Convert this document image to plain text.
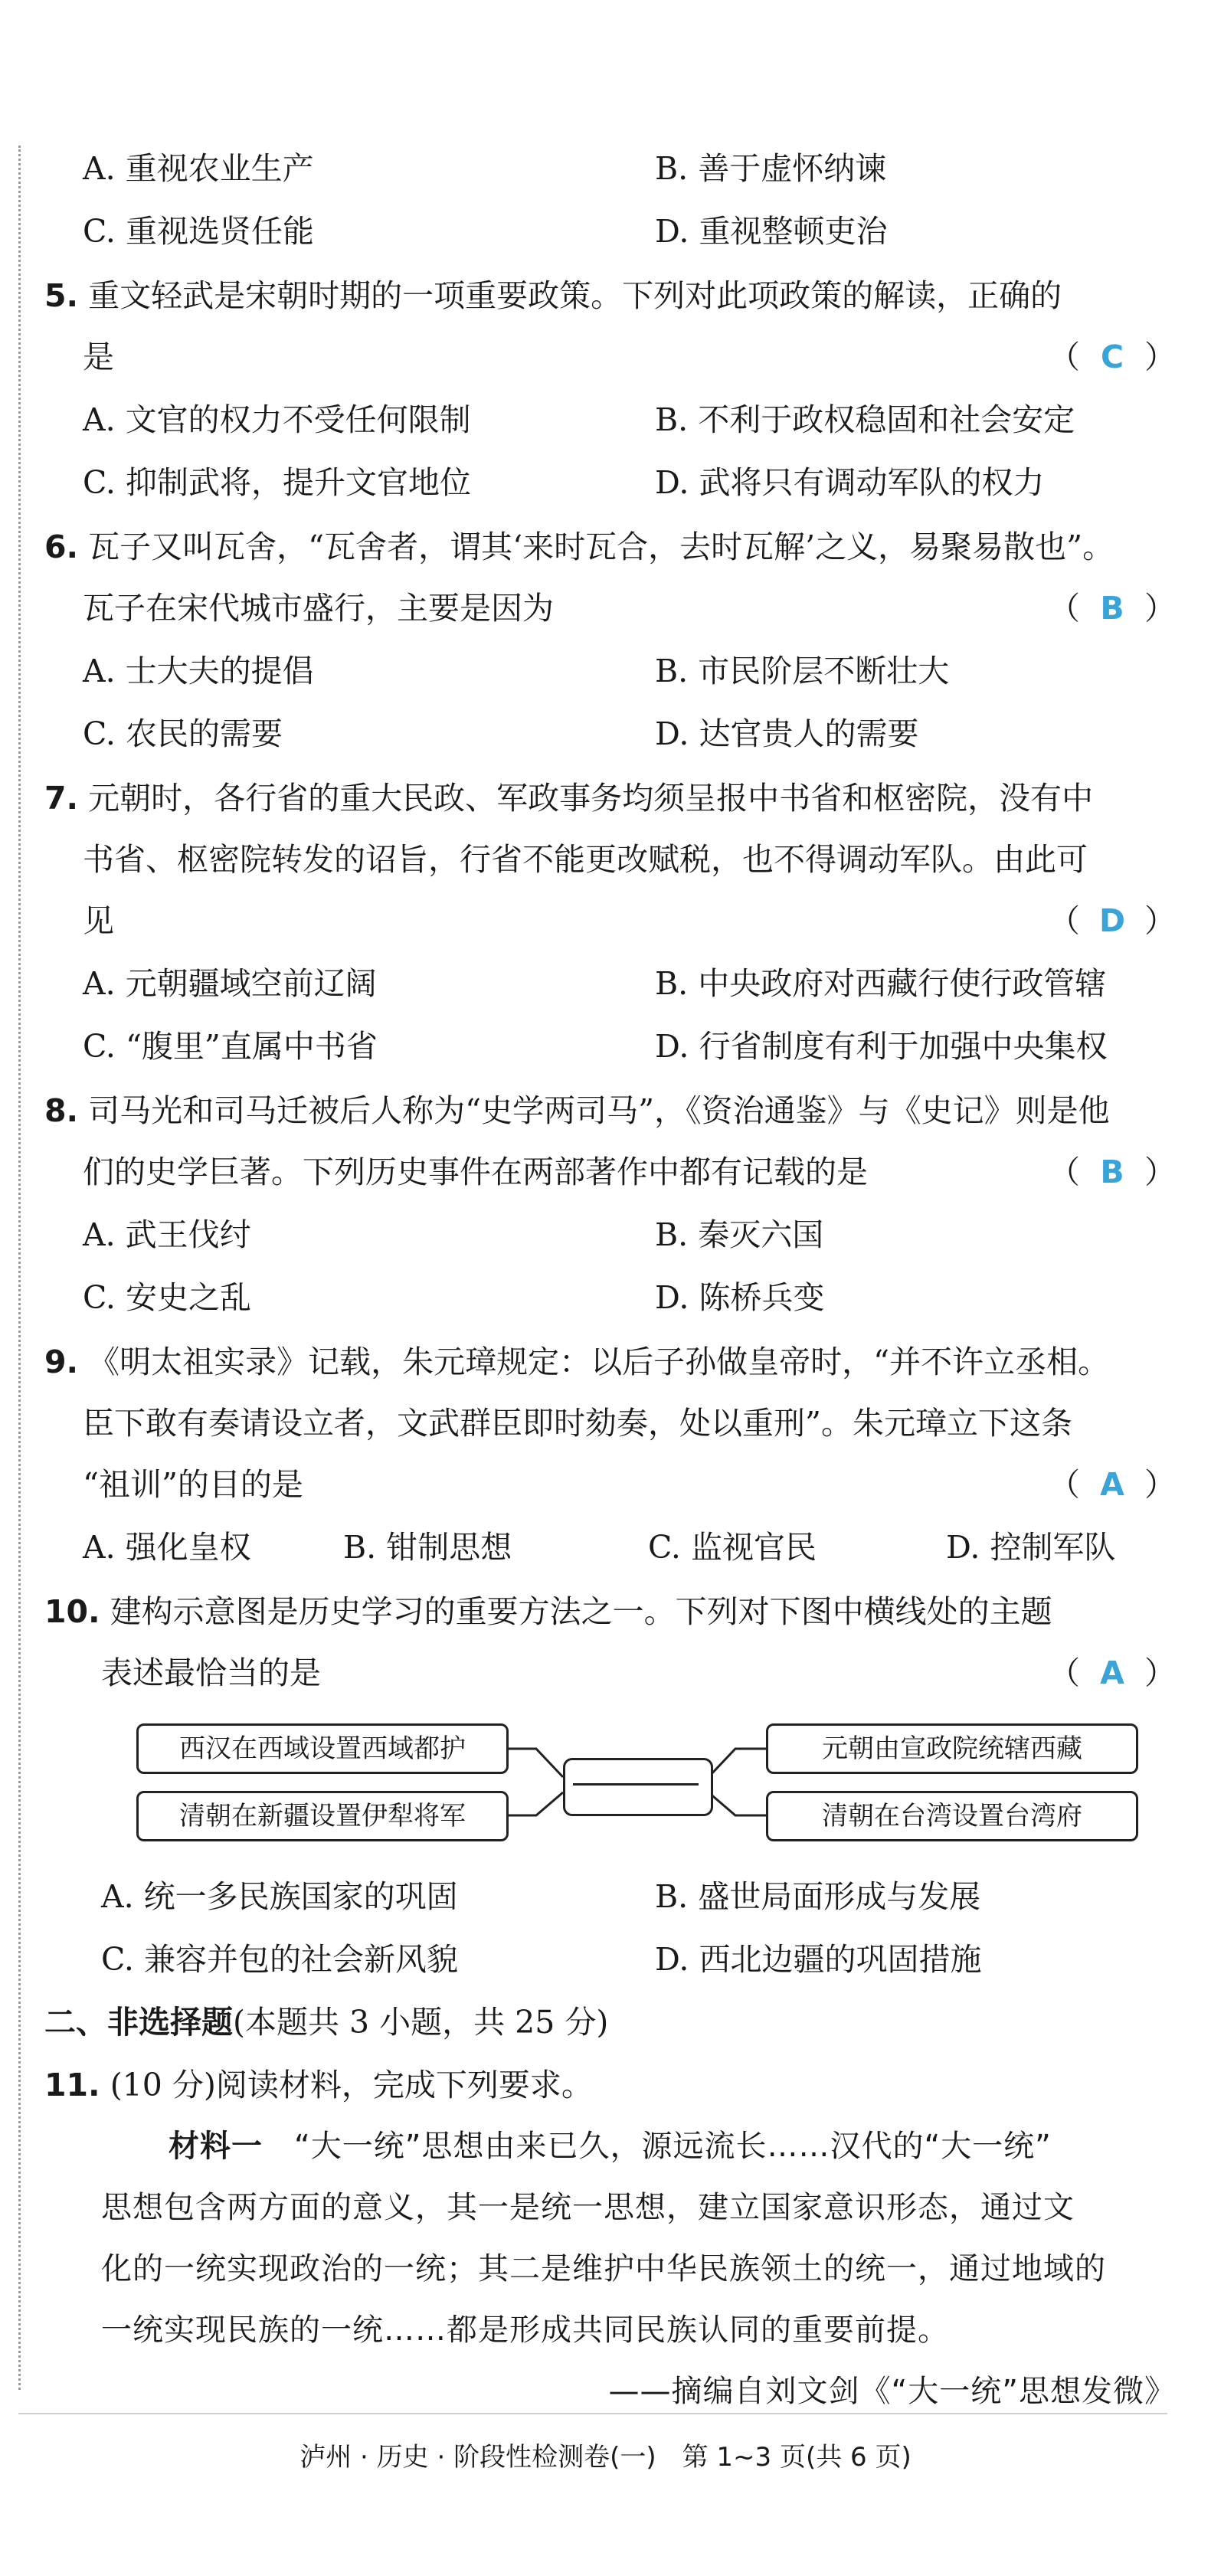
A. 重视农业生产	B. 善于虚怀纳谏
C. 重视选贤任能	D. 重视整顿吏治
5. 重文轻武是宋朝时期的一项重要政策。下列对此项政策的解读，正确的
是	（ C ）
A. 文官的权力不受任何限制	B. 不利于政权稳固和社会安定
C. 抑制武将，提升文官地位	D. 武将只有调动军队的权力
6. 瓦子又叫瓦舍，“瓦舍者，谓其‘来时瓦合，去时瓦解’之义，易聚易散也”。
瓦子在宋代城市盛行，主要是因为	（ B ）
A. 士大夫的提倡	B. 市民阶层不断壮大
C. 农民的需要	D. 达官贵人的需要
7. 元朝时，各行省的重大民政、军政事务均须呈报中书省和枢密院，没有中
书省、枢密院转发的诏旨，行省不能更改赋税，也不得调动军队。由此可
见	（ D ）
A. 元朝疆域空前辽阔	B. 中央政府对西藏行使行政管辖
C. “腹里”直属中书省	D. 行省制度有利于加强中央集权
8. 司马光和司马迁被后人称为“史学两司马”，《资治通鉴》与《史记》则是他
们的史学巨著。下列历史事件在两部著作中都有记载的是	（ B ）
A. 武王伐纣	B. 秦灭六国
C. 安史之乱	D. 陈桥兵变
9. 《明太祖实录》记载，朱元璋规定：以后子孙做皇帝时，“并不许立丞相。
臣下敢有奏请设立者，文武群臣即时劾奏，处以重刑”。朱元璋立下这条
“祖训”的目的是	（ A ）
A. 强化皇权	B. 钳制思想	C. 监视官民	D. 控制军队
10. 建构示意图是历史学习的重要方法之一。下列对下图中横线处的主题
表述最恰当的是	（ A ）
西汉在西域设置西域都护
清朝在新疆设置伊犁将军
元朝由宣政院统辖西藏
清朝在台湾设置台湾府
A. 统一多民族国家的巩固	B. 盛世局面形成与发展
C. 兼容并包的社会新风貌	D. 西北边疆的巩固措施
二、非选择题(本题共 3 小题，共 25 分)
11. (10 分)阅读材料，完成下列要求。
材料一　 “大一统”思想由来已久，源远流长……汉代的“大一统”
思想包含两方面的意义，其一是统一思想，建立国家意识形态，通过文
化的一统实现政治的一统；其二是维护中华民族领土的统一，通过地域的
一统实现民族的一统……都是形成共同民族认同的重要前提。
——摘编自刘文剑《“大一统”思想发微》
泸州 · 历史 · 阶段性检测卷(一)　第 1~3 页(共 6 页)
